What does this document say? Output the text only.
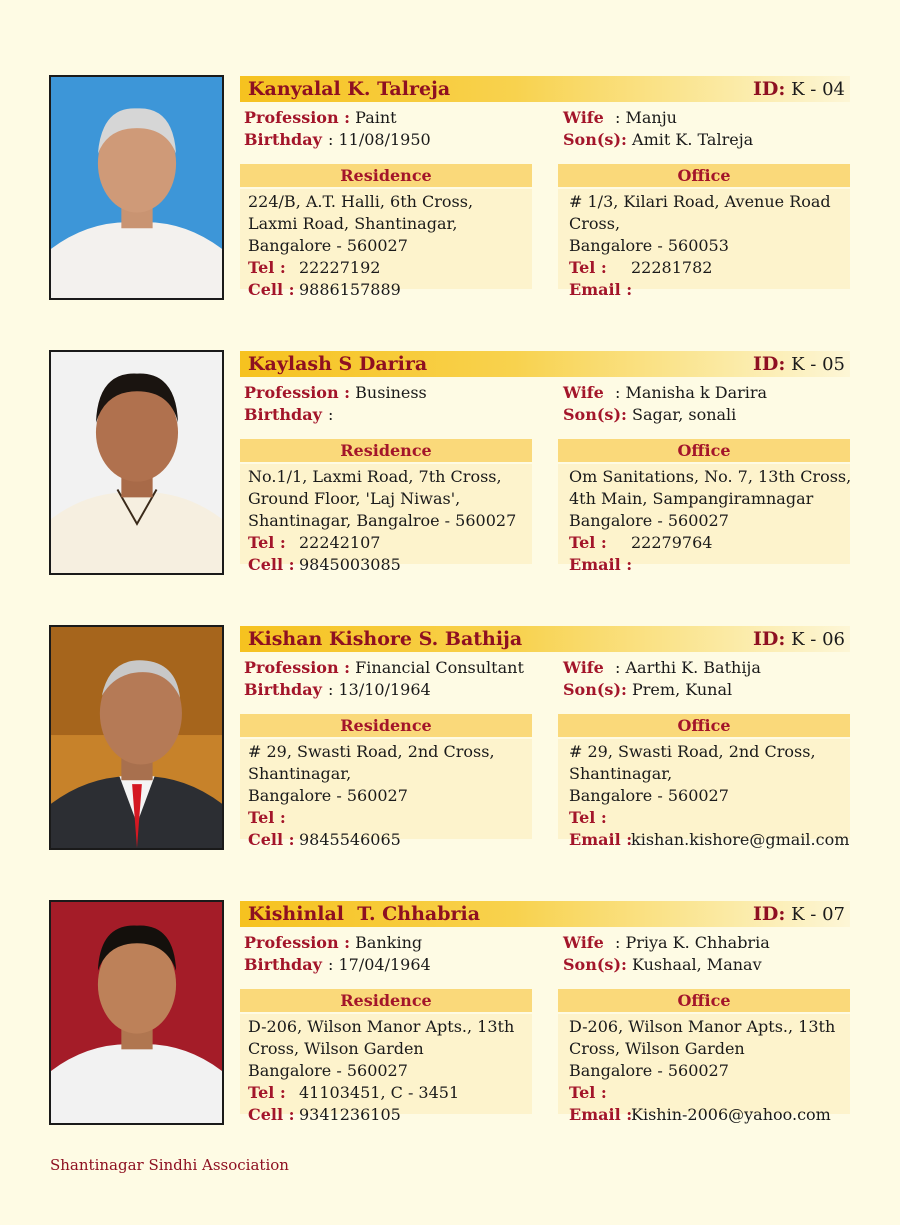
Kanyalal K. Talreja	ID: K - 04
Profession : Paint
Birthday : 11/08/1950
Wife : Manju
Son(s): Amit K. Talreja
Residence	Office
224/B, A.T. Halli, 6th Cross,
Laxmi Road, Shantinagar,
Bangalore - 560027
Tel : 22227192
Cell : 9886157889
# 1/3, Kilari Road, Avenue Road
Cross,
Bangalore - 560053
Tel : 22281782
Email :
Kaylash S Darira	ID: K - 05
Profession : Business
Birthday :
Wife : Manisha k Darira
Son(s): Sagar, sonali
Residence	Office
No.1/1, Laxmi Road, 7th Cross,
Ground Floor, 'Laj Niwas',
Shantinagar, Bangalroe - 560027
Tel : 22242107
Cell : 9845003085
Om Sanitations, No. 7, 13th Cross,
4th Main, Sampangiramnagar
Bangalore - 560027
Tel : 22279764
Email :
Kishan Kishore S. Bathija	ID: K - 06
Profession : Financial Consultant
Birthday : 13/10/1964
Wife : Aarthi K. Bathija
Son(s): Prem, Kunal
Residence	Office
# 29, Swasti Road, 2nd Cross,
Shantinagar,
Bangalore - 560027
Tel :
Cell : 9845546065
# 29, Swasti Road, 2nd Cross,
Shantinagar,
Bangalore - 560027
Tel :
Email :kishan.kishore@gmail.com
Kishinlal  T. Chhabria	ID: K - 07
Profession : Banking
Birthday : 17/04/1964
Wife : Priya K. Chhabria
Son(s): Kushaal, Manav
Residence	Office
D-206, Wilson Manor Apts., 13th
Cross, Wilson Garden
Bangalore - 560027
Tel : 41103451, C - 3451
Cell : 9341236105
D-206, Wilson Manor Apts., 13th
Cross, Wilson Garden
Bangalore - 560027
Tel :
Email :Kishin-2006@yahoo.com
Shantinagar Sindhi Association
